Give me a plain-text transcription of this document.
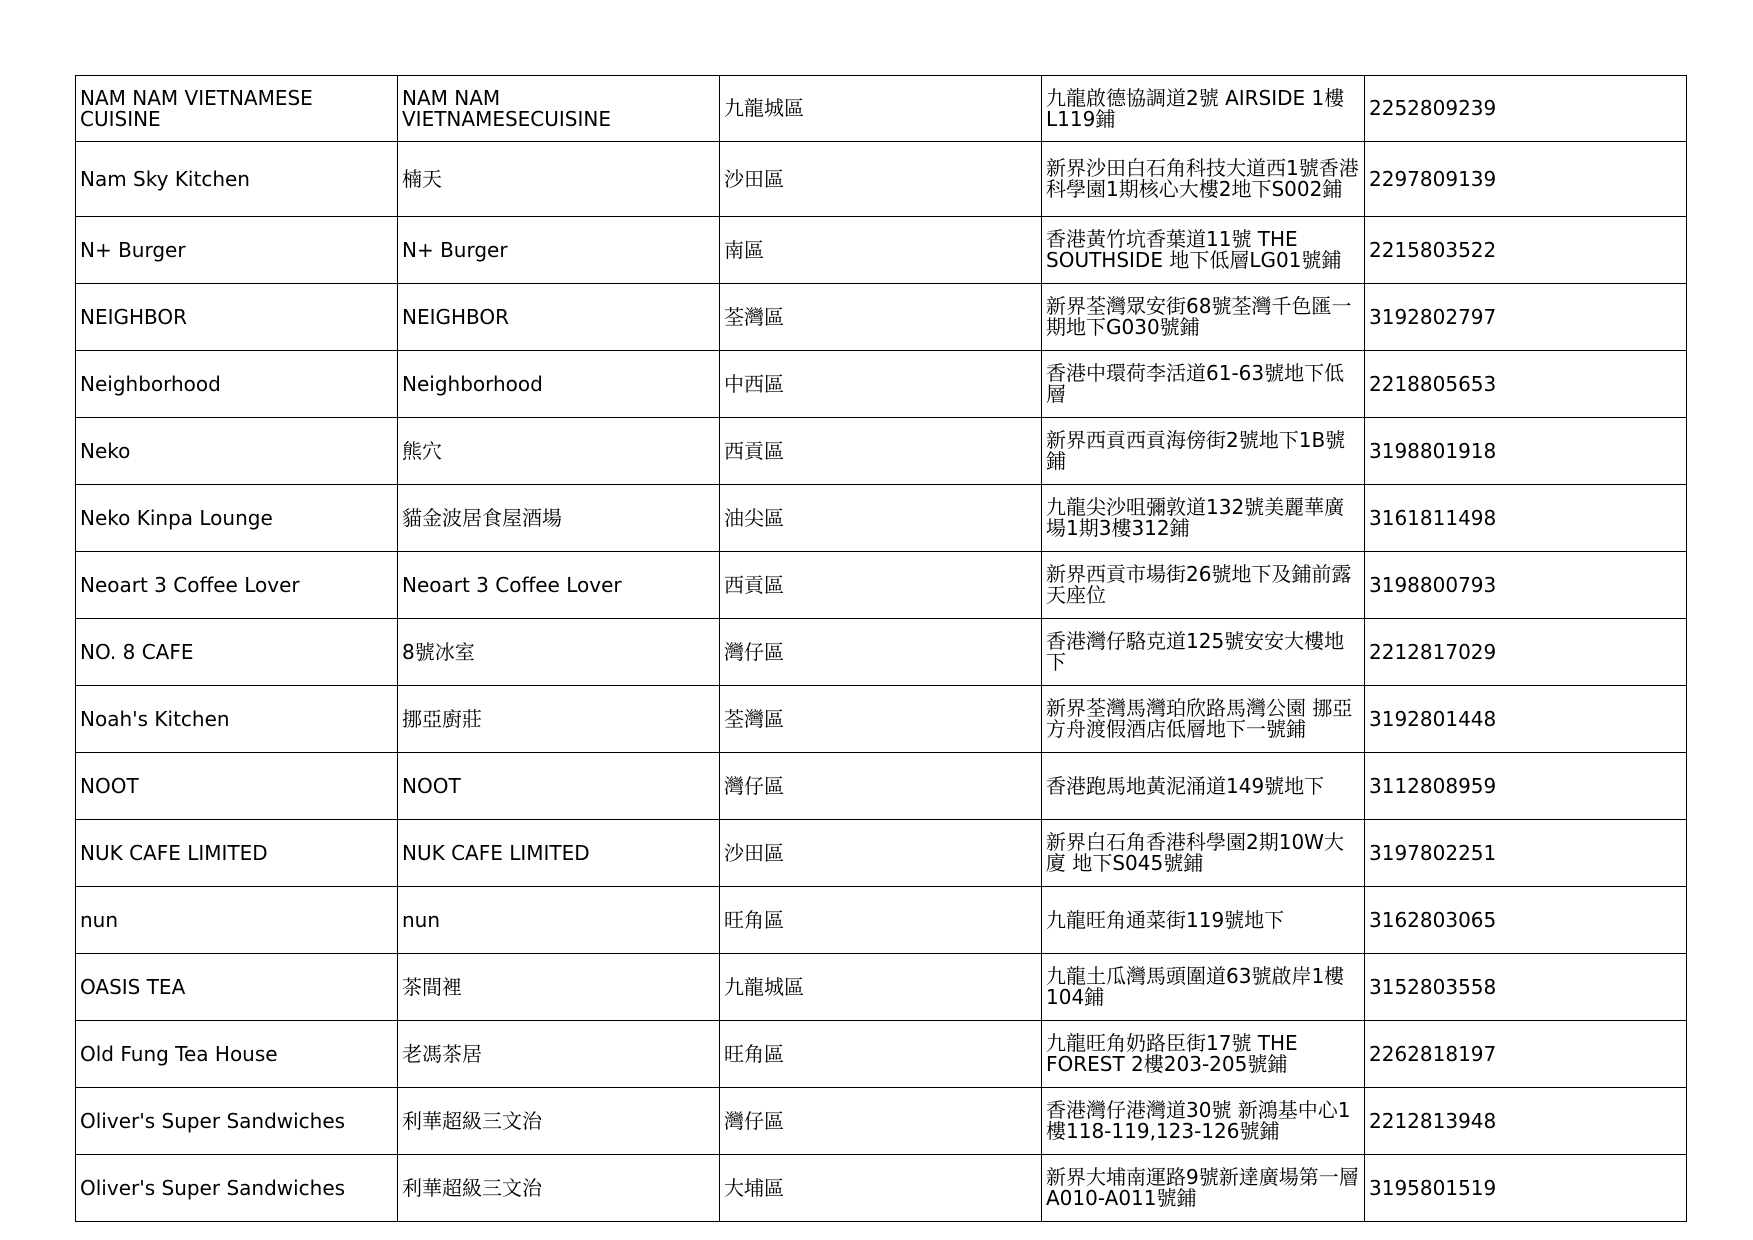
NAM NAM VIETNAMESE CUISINE	NAM NAM VIETNAMESECUISINE	九龍城區	九龍啟德協調道2號 AIRSIDE 1樓L119鋪	2252809239
Nam Sky Kitchen	楠天	沙田區	新界沙田白石角科技大道西1號香港科學園1期核心大樓2地下S002鋪	2297809139
N+ Burger	N+ Burger	南區	香港黃竹坑香葉道11號 THE SOUTHSIDE 地下低層LG01號鋪	2215803522
NEIGHBOR	NEIGHBOR	荃灣區	新界荃灣眾安街68號荃灣千色匯一期地下G030號鋪	3192802797
Neighborhood	Neighborhood	中西區	香港中環荷李活道61-63號地下低層	2218805653
Neko	熊穴	西貢區	新界西貢西貢海傍街2號地下1B號鋪	3198801918
Neko Kinpa Lounge	貓金波居食屋酒場	油尖區	九龍尖沙咀彌敦道132號美麗華廣場1期3樓312鋪	3161811498
Neoart 3 Coffee Lover	Neoart 3 Coffee Lover	西貢區	新界西貢市場街26號地下及鋪前露天座位	3198800793
NO. 8 CAFE	8號冰室	灣仔區	香港灣仔駱克道125號安安大樓地下	2212817029
Noah's Kitchen	挪亞廚莊	荃灣區	新界荃灣馬灣珀欣路馬灣公園 挪亞方舟渡假酒店低層地下一號鋪	3192801448
NOOT	NOOT	灣仔區	香港跑馬地黃泥涌道149號地下	3112808959
NUK CAFE LIMITED	NUK CAFE LIMITED	沙田區	新界白石角香港科學園2期10W大廈 地下S045號鋪	3197802251
nun	nun	旺角區	九龍旺角通菜街119號地下	3162803065
OASIS TEA	茶間裡	九龍城區	九龍土瓜灣馬頭圍道63號啟岸1樓104鋪	3152803558
Old Fung Tea House	老馮茶居	旺角區	九龍旺角奶路臣街17號 THE FOREST 2樓203-205號鋪	2262818197
Oliver's Super Sandwiches	利華超級三文治	灣仔區	香港灣仔港灣道30號 新鴻基中心1樓118-119,123-126號鋪	2212813948
Oliver's Super Sandwiches	利華超級三文治	大埔區	新界大埔南運路9號新達廣場第一層A010-A011號鋪	3195801519
